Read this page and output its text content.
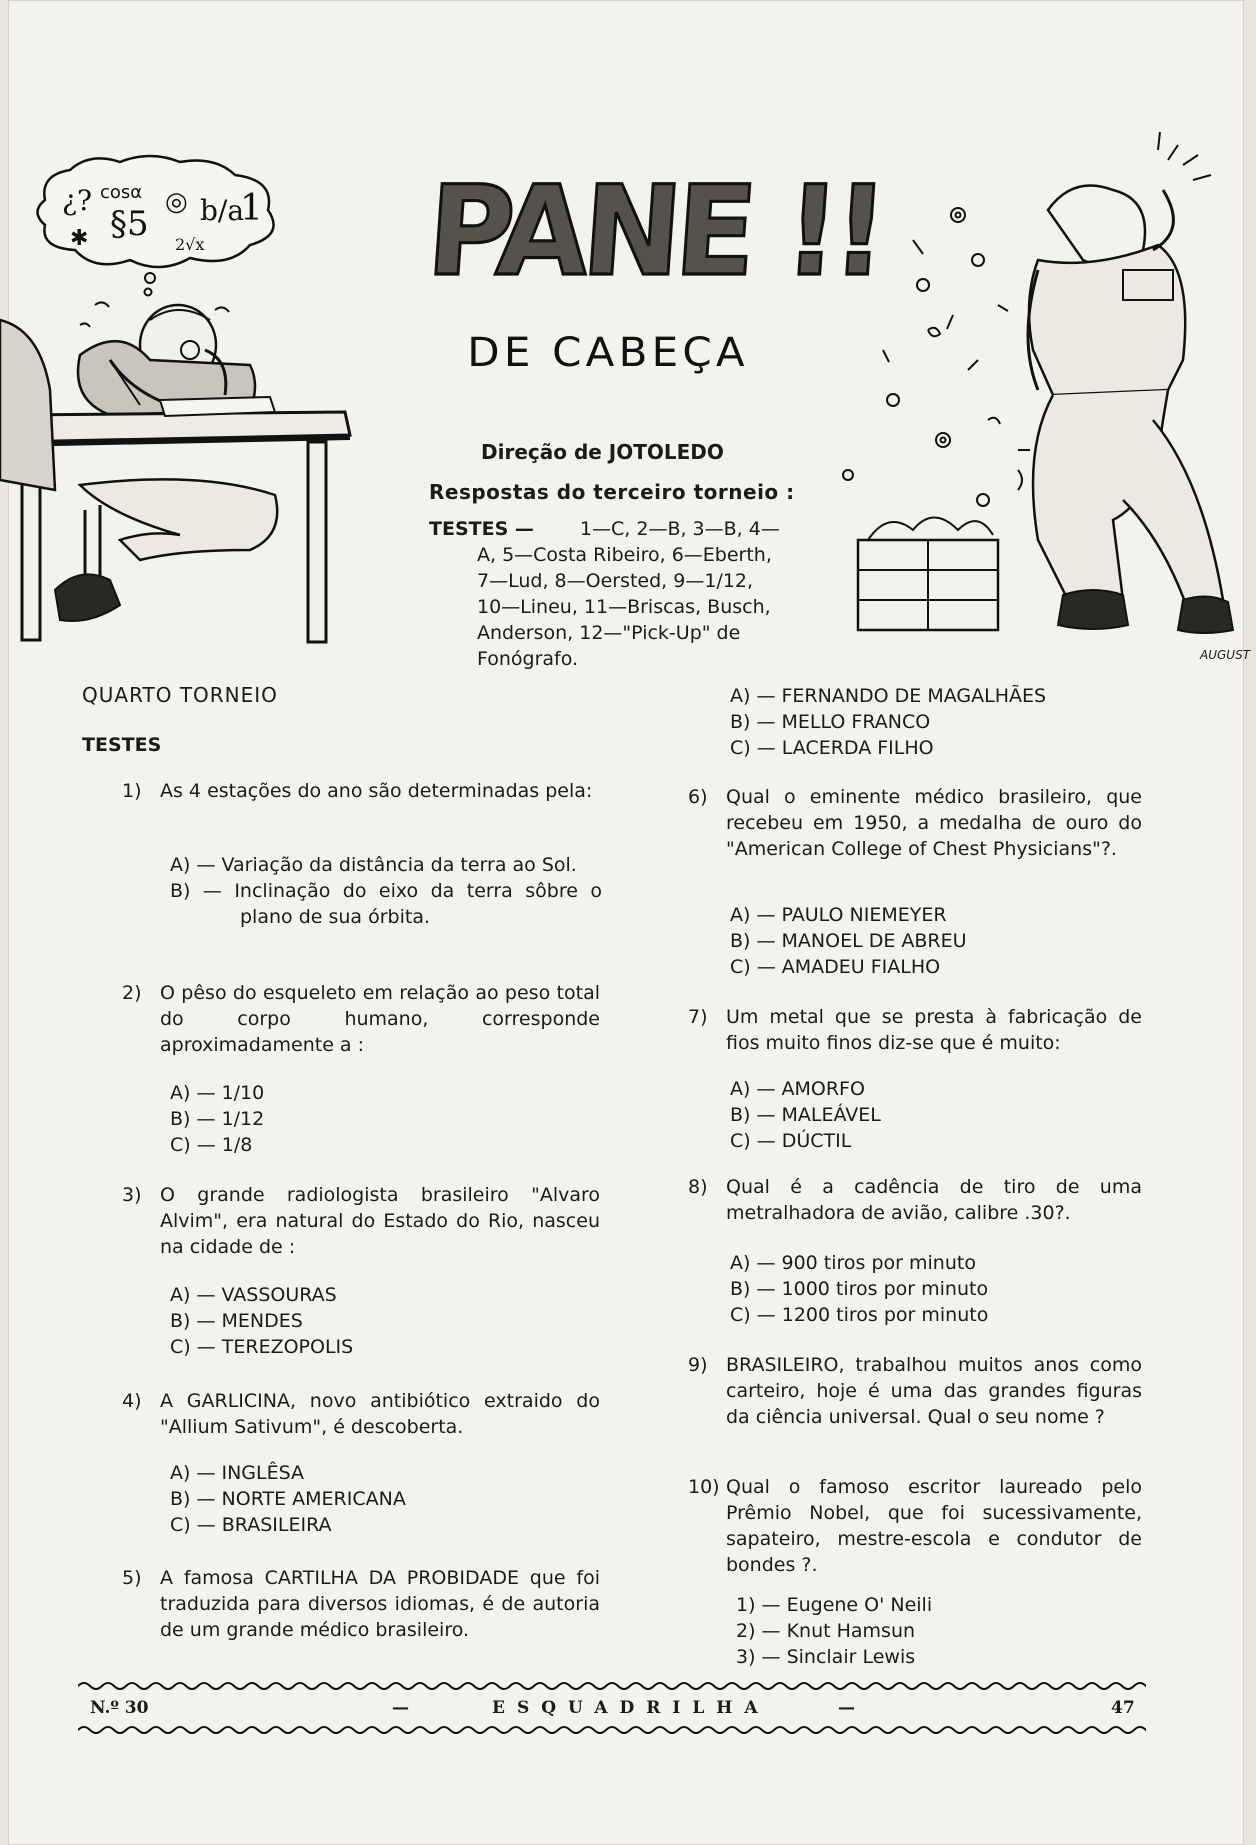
¿? cosα
§5
◎ b/a
1
2√x
✱	PANE !!
DE CABEÇA
Direção de JOTOLEDO
Respostas do terceiro torneio :
TESTES — 1—C, 2—B, 3—B, 4—
A, 5—Costa Ribeiro, 6—Eberth,
7—Lud, 8—Oersted, 9—1/12,
10—Lineu, 11—Briscas, Busch,
Anderson, 12—"Pick-Up" de
Fonógrafo.	AUGUST
QUARTO TORNEIO
TESTES
1) As 4 estações do ano são determinadas pela:
A) — Variação da distância da terra ao Sol.
B) — Inclinação do eixo da terra sôbre o plano de sua órbita.
2) O pêso do esqueleto em relação ao peso total do corpo humano, corresponde aproximadamente a :
A) — 1/10
B) — 1/12
C) — 1/8
3) O grande radiologista brasileiro "Alvaro Alvim", era natural do Estado do Rio, nasceu na cidade de :
A) — VASSOURAS
B) — MENDES
C) — TEREZOPOLIS
4) A GARLICINA, novo antibiótico extraido do "Allium Sativum", é descoberta.
A) — INGLÊSA
B) — NORTE AMERICANA
C) — BRASILEIRA
5) A famosa CARTILHA DA PROBIDADE que foi traduzida para diversos idiomas, é de autoria de um grande médico brasileiro.
A) — FERNANDO DE MAGALHÃES
B) — MELLO FRANCO
C) — LACERDA FILHO
6) Qual o eminente médico brasileiro, que recebeu em 1950, a medalha de ouro do "American College of Chest Physicians"?.
A) — PAULO NIEMEYER
B) — MANOEL DE ABREU
C) — AMADEU FIALHO
7) Um metal que se presta à fabricação de fios muito finos diz-se que é muito:
A) — AMORFO
B) — MALEÁVEL
C) — DÚCTIL
8) Qual é a cadência de tiro de uma metralhadora de avião, calibre .30?.
A) — 900 tiros por minuto
B) — 1000 tiros por minuto
C) — 1200 tiros por minuto
9) BRASILEIRO, trabalhou muitos anos como carteiro, hoje é uma das grandes figuras da ciência universal. Qual o seu nome ?
10) Qual o famoso escritor laureado pelo Prêmio Nobel, que foi sucessivamente, sapateiro, mestre-escola e condutor de bondes ?.
1) — Eugene O' Neili
2) — Knut Hamsun
3) — Sinclair Lewis
N.º 30	—	ESQUADRILHA	—	47
